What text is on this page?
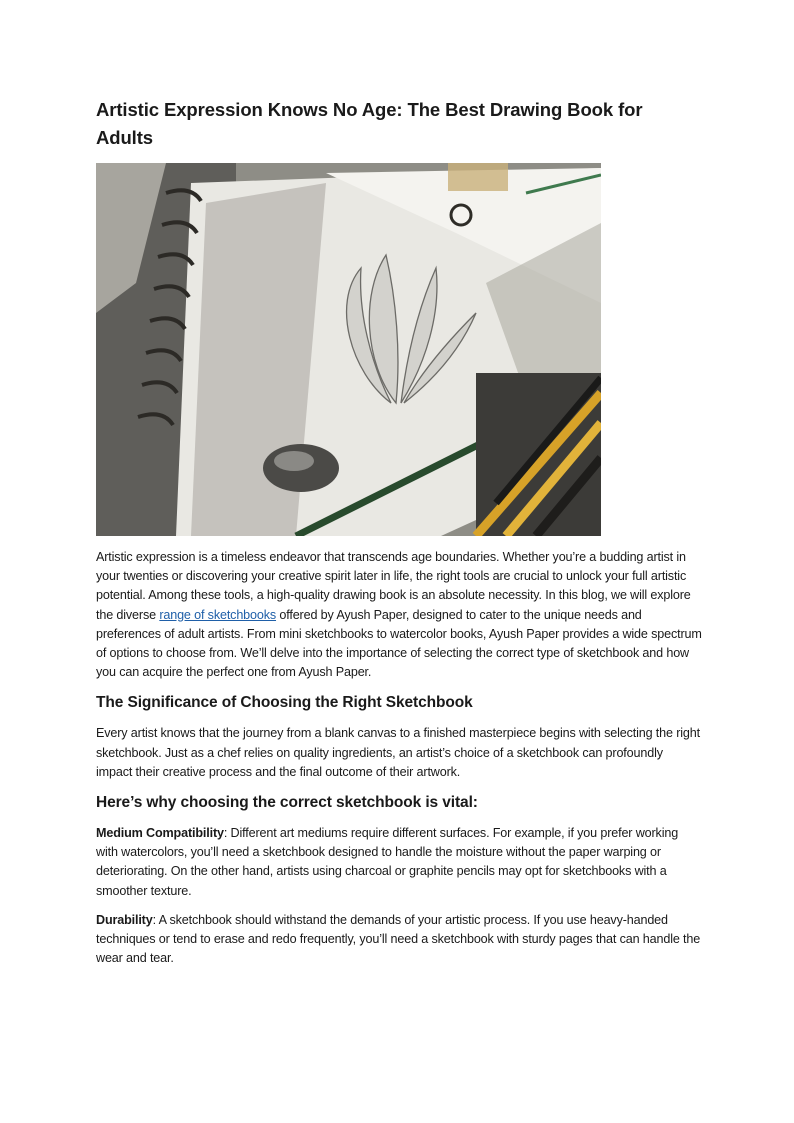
Artistic Expression Knows No Age: The Best Drawing Book for Adults

Artistic expression is a timeless endeavor that transcends age boundaries. Whether you’re a budding artist in your twenties or discovering your creative spirit later in life, the right tools are crucial to unlock your full artistic potential. Among these tools, a high-quality drawing book is an absolute necessity. In this blog, we will explore the diverse range of sketchbooks offered by Ayush Paper, designed to cater to the unique needs and preferences of adult artists. From mini sketchbooks to watercolor books, Ayush Paper provides a wide spectrum of options to choose from. We’ll delve into the importance of selecting the correct type of sketchbook and how you can acquire the perfect one from Ayush Paper.

The Significance of Choosing the Right Sketchbook

Every artist knows that the journey from a blank canvas to a finished masterpiece begins with selecting the right sketchbook. Just as a chef relies on quality ingredients, an artist’s choice of a sketchbook can profoundly impact their creative process and the final outcome of their artwork.

Here’s why choosing the correct sketchbook is vital:

Medium Compatibility: Different art mediums require different surfaces. For example, if you prefer working with watercolors, you’ll need a sketchbook designed to handle the moisture without the paper warping or deteriorating. On the other hand, artists using charcoal or graphite pencils may opt for sketchbooks with a smoother texture.

Durability: A sketchbook should withstand the demands of your artistic process. If you use heavy-handed techniques or tend to erase and redo frequently, you’ll need a sketchbook with sturdy pages that can handle the wear and tear.
